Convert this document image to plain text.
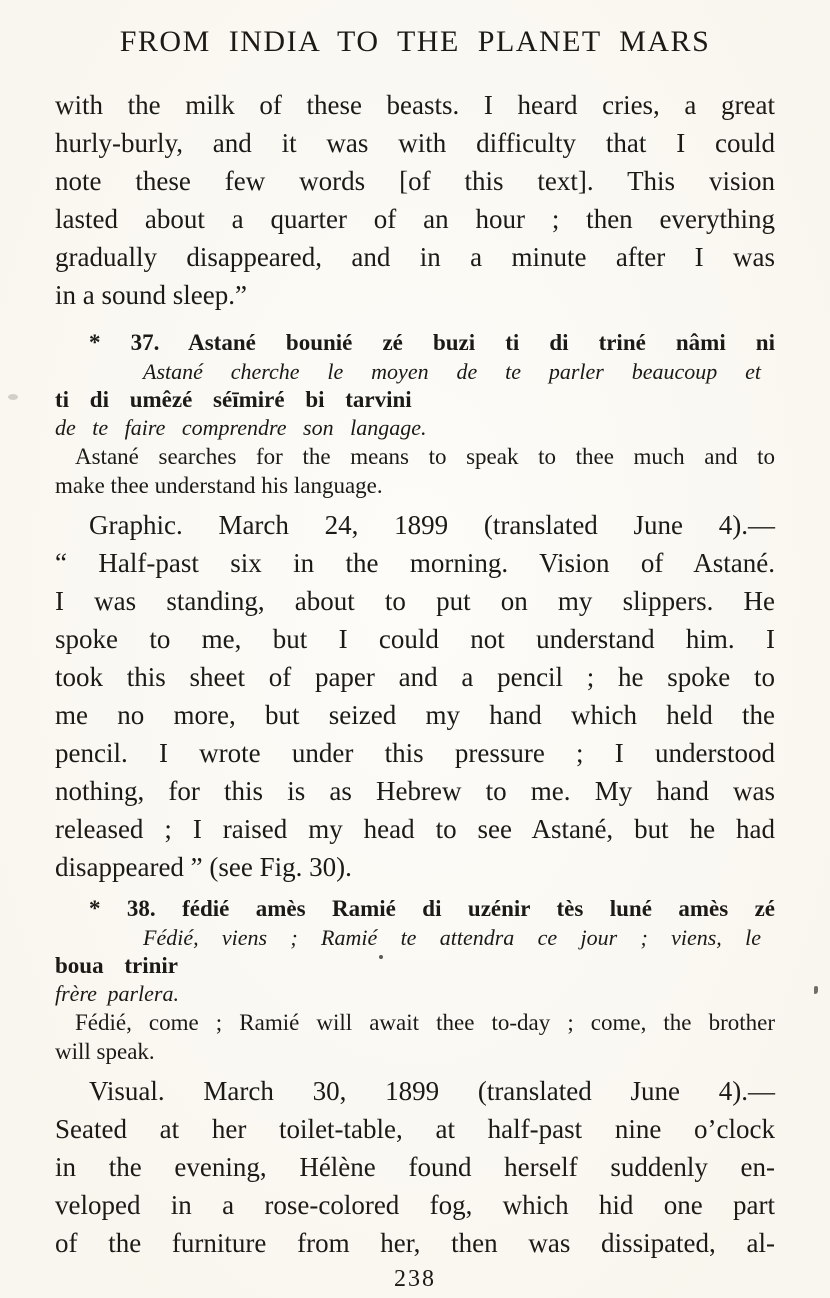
FROM INDIA TO THE PLANET MARS
with the milk of these beasts. I heard cries, a great
hurly-burly, and it was with difficulty that I could
note these few words [of this text]. This vision
lasted about a quarter of an hour ; then everything
gradually disappeared, and in a minute after I was
in a sound sleep.”
* 37. Astané bounié zé buzi ti di triné nâmi ni
Astané cherche le moyen de te parler beaucoup et
ti di umêzé séīmiré bi tarvini
de te faire comprendre son langage.
Astané searches for the means to speak to thee much and to
make thee understand his language.
Graphic. March 24, 1899 (translated June 4).—
“ Half-past six in the morning. Vision of Astané.
I was standing, about to put on my slippers. He
spoke to me, but I could not understand him. I
took this sheet of paper and a pencil ; he spoke to
me no more, but seized my hand which held the
pencil. I wrote under this pressure ; I understood
nothing, for this is as Hebrew to me. My hand was
released ; I raised my head to see Astané, but he had
disappeared ” (see Fig. 30).
* 38. fédié amès Ramié di uzénir tès luné amès zé
Fédié, viens ; Ramié te attendra ce jour ; viens, le
boua trinir
frère parlera.
Fédié, come ; Ramié will await thee to-day ; come, the brother
will speak.
Visual. March 30, 1899 (translated June 4).—
Seated at her toilet-table, at half-past nine o’clock
in the evening, Hélène found herself suddenly en-
veloped in a rose-colored fog, which hid one part
of the furniture from her, then was dissipated, al-
238
